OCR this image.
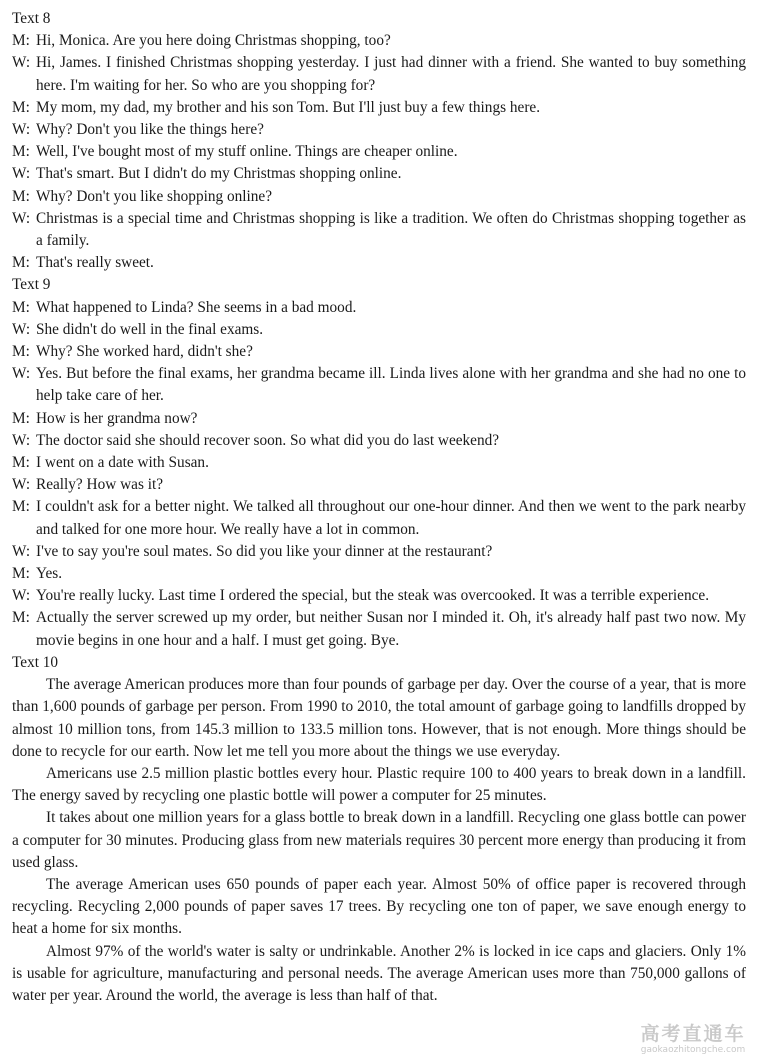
Text 8
M: Hi, Monica. Are you here doing Christmas shopping, too?
W: Hi, James. I finished Christmas shopping yesterday. I just had dinner with a friend. She wanted to buy something here. I'm waiting for her. So who are you shopping for?
M: My mom, my dad, my brother and his son Tom. But I'll just buy a few things here.
W: Why? Don't you like the things here?
M: Well, I've bought most of my stuff online. Things are cheaper online.
W: That's smart. But I didn't do my Christmas shopping online.
M: Why? Don't you like shopping online?
W: Christmas is a special time and Christmas shopping is like a tradition. We often do Christmas shopping together as a family.
M: That's really sweet.
Text 9
M: What happened to Linda? She seems in a bad mood.
W: She didn't do well in the final exams.
M: Why? She worked hard, didn't she?
W: Yes. But before the final exams, her grandma became ill. Linda lives alone with her grandma and she had no one to help take care of her.
M: How is her grandma now?
W: The doctor said she should recover soon. So what did you do last weekend?
M: I went on a date with Susan.
W: Really? How was it?
M: I couldn't ask for a better night. We talked all throughout our one-hour dinner. And then we went to the park nearby and talked for one more hour. We really have a lot in common.
W: I've to say you're soul mates. So did you like your dinner at the restaurant?
M: Yes.
W: You're really lucky. Last time I ordered the special, but the steak was overcooked. It was a terrible experience.
M: Actually the server screwed up my order, but neither Susan nor I minded it. Oh, it's already half past two now. My movie begins in one hour and a half. I must get going. Bye.
Text 10
The average American produces more than four pounds of garbage per day. Over the course of a year, that is more than 1,600 pounds of garbage per person. From 1990 to 2010, the total amount of garbage going to landfills dropped by almost 10 million tons, from 145.3 million to 133.5 million tons. However, that is not enough. More things should be done to recycle for our earth. Now let me tell you more about the things we use everyday.
Americans use 2.5 million plastic bottles every hour. Plastic require 100 to 400 years to break down in a landfill. The energy saved by recycling one plastic bottle will power a computer for 25 minutes.
It takes about one million years for a glass bottle to break down in a landfill. Recycling one glass bottle can power a computer for 30 minutes. Producing glass from new materials requires 30 percent more energy than producing it from used glass.
The average American uses 650 pounds of paper each year. Almost 50% of office paper is recovered through recycling. Recycling 2,000 pounds of paper saves 17 trees. By recycling one ton of paper, we save enough energy to heat a home for six months.
Almost 97% of the world's water is salty or undrinkable. Another 2% is locked in ice caps and glaciers. Only 1% is usable for agriculture, manufacturing and personal needs. The average American uses more than 750,000 gallons of water per year. Around the world, the average is less than half of that.
高考直通车
gaokaozhitongche.com
